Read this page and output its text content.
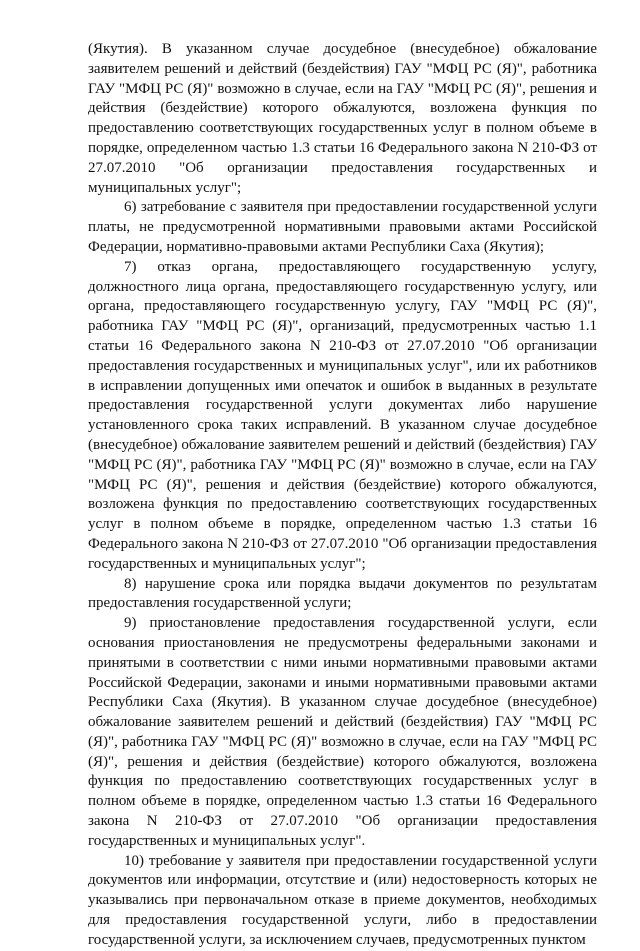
(Якутия). В указанном случае досудебное (внесудебное) обжалование заявителем решений и действий (бездействия) ГАУ "МФЦ РС (Я)", работника ГАУ "МФЦ РС (Я)" возможно в случае, если на ГАУ "МФЦ РС (Я)", решения и действия (бездействие) которого обжалуются, возложена функция по предоставлению соответствующих государственных услуг в полном объеме в порядке, определенном частью 1.3 статьи 16 Федерального закона N 210-ФЗ от 27.07.2010 "Об организации предоставления государственных и муниципальных услуг";

6) затребование с заявителя при предоставлении государственной услуги платы, не предусмотренной нормативными правовыми актами Российской Федерации, нормативно-правовыми актами Республики Саха (Якутия);

7) отказ органа, предоставляющего государственную услугу, должностного лица органа, предоставляющего государственную услугу, или органа, предоставляющего государственную услугу, ГАУ "МФЦ РС (Я)", работника ГАУ "МФЦ РС (Я)", организаций, предусмотренных частью 1.1 статьи 16 Федерального закона N 210-ФЗ от 27.07.2010 "Об организации предоставления государственных и муниципальных услуг", или их работников в исправлении допущенных ими опечаток и ошибок в выданных в результате предоставления государственной услуги документах либо нарушение установленного срока таких исправлений. В указанном случае досудебное (внесудебное) обжалование заявителем решений и действий (бездействия) ГАУ "МФЦ РС (Я)", работника ГАУ "МФЦ РС (Я)" возможно в случае, если на ГАУ "МФЦ РС (Я)", решения и действия (бездействие) которого обжалуются, возложена функция по предоставлению соответствующих государственных услуг в полном объеме в порядке, определенном частью 1.3 статьи 16 Федерального закона N 210-ФЗ от 27.07.2010 "Об организации предоставления государственных и муниципальных услуг";

8) нарушение срока или порядка выдачи документов по результатам предоставления государственной услуги;

9) приостановление предоставления государственной услуги, если основания приостановления не предусмотрены федеральными законами и принятыми в соответствии с ними иными нормативными правовыми актами Российской Федерации, законами и иными нормативными правовыми актами Республики Саха (Якутия). В указанном случае досудебное (внесудебное) обжалование заявителем решений и действий (бездействия) ГАУ "МФЦ РС (Я)", работника ГАУ "МФЦ РС (Я)" возможно в случае, если на ГАУ "МФЦ РС (Я)", решения и действия (бездействие) которого обжалуются, возложена функция по предоставлению соответствующих государственных услуг в полном объеме в порядке, определенном частью 1.3 статьи 16 Федерального закона N 210-ФЗ от 27.07.2010 "Об организации предоставления государственных и муниципальных услуг".

10) требование у заявителя при предоставлении государственной услуги документов или информации, отсутствие и (или) недостоверность которых не указывались при первоначальном отказе в приеме документов, необходимых для предоставления государственной услуги, либо в предоставлении государственной услуги, за исключением случаев, предусмотренных пунктом
